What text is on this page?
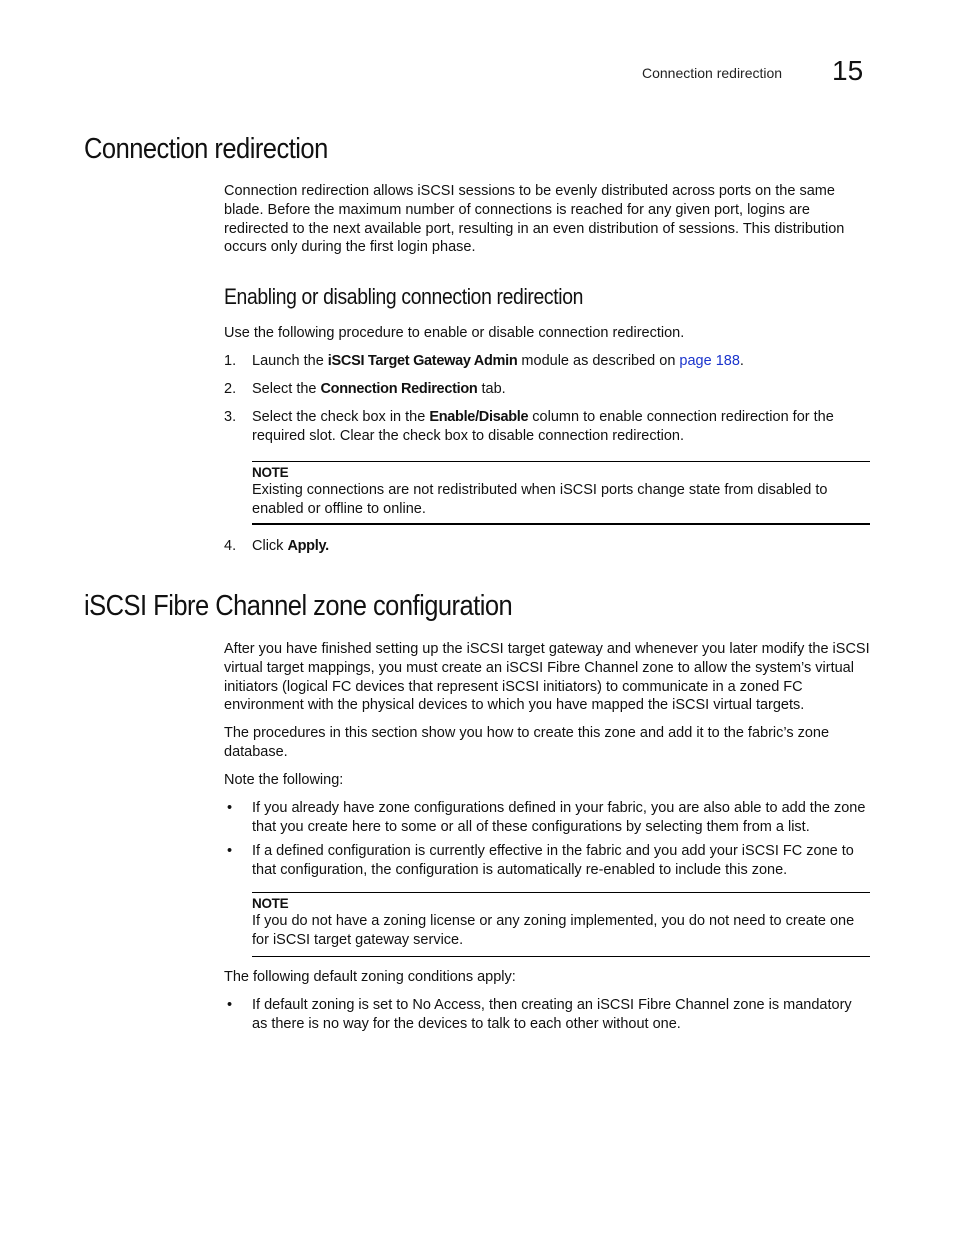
Connection redirection 15
Connection redirection

Connection redirection allows iSCSI sessions to be evenly distributed across ports on the same blade. Before the maximum number of connections is reached for any given port, logins are redirected to the next available port, resulting in an even distribution of sessions. This distribution occurs only during the first login phase.

Enabling or disabling connection redirection

Use the following procedure to enable or disable connection redirection.

1. Launch the iSCSI Target Gateway Admin module as described on page 188.
2. Select the Connection Redirection tab.
3. Select the check box in the Enable/Disable column to enable connection redirection for the required slot. Clear the check box to disable connection redirection.
NOTE
Existing connections are not redistributed when iSCSI ports change state from disabled to enabled or offline to online.
4. Click Apply.
iSCSI Fibre Channel zone configuration

After you have finished setting up the iSCSI target gateway and whenever you later modify the iSCSI virtual target mappings, you must create an iSCSI Fibre Channel zone to allow the system’s virtual initiators (logical FC devices that represent iSCSI initiators) to communicate in a zoned FC environment with the physical devices to which you have mapped the iSCSI virtual targets.

The procedures in this section show you how to create this zone and add it to the fabric’s zone database.

Note the following:

• If you already have zone configurations defined in your fabric, you are also able to add the zone that you create here to some or all of these configurations by selecting them from a list.
• If a defined configuration is currently effective in the fabric and you add your iSCSI FC zone to that configuration, the configuration is automatically re-enabled to include this zone.
NOTE
If you do not have a zoning license or any zoning implemented, you do not need to create one for iSCSI target gateway service.

The following default zoning conditions apply:

• If default zoning is set to No Access, then creating an iSCSI Fibre Channel zone is mandatory as there is no way for the devices to talk to each other without one.
